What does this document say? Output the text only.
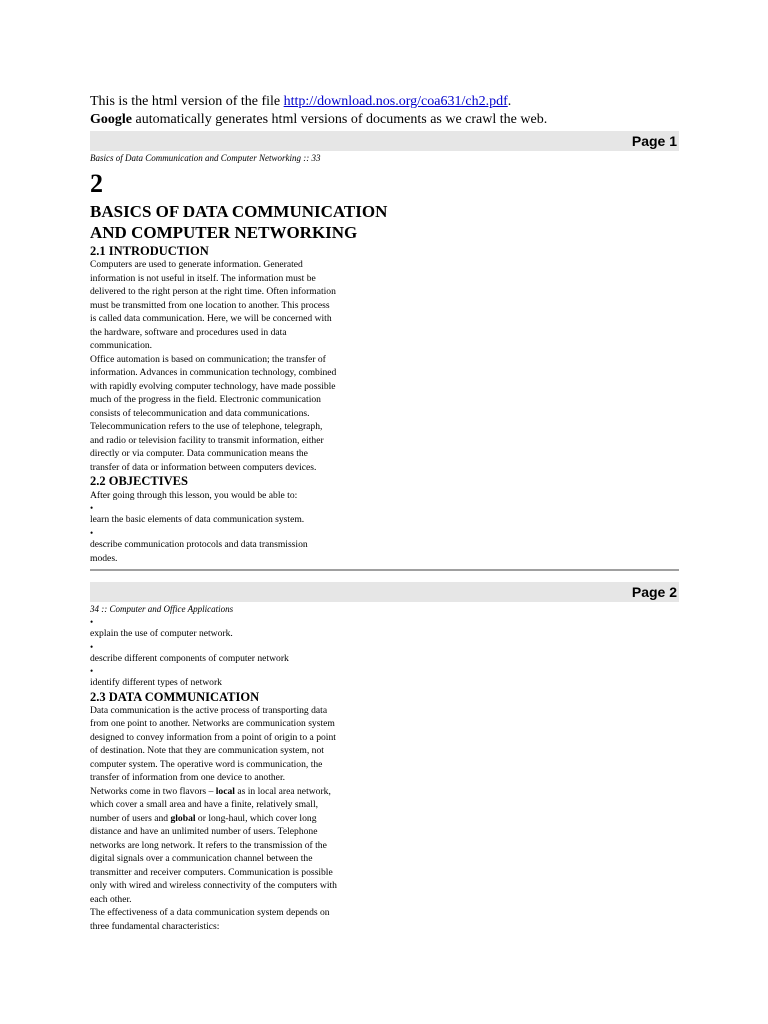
This is the html version of the file http://download.nos.org/coa631/ch2.pdf.
Google automatically generates html versions of documents as we crawl the web.
Page 1
Basics of Data Communication and Computer Networking :: 33
2
BASICS OF DATA COMMUNICATION
AND COMPUTER NETWORKING
2.1 INTRODUCTION
Computers are used to generate information. Generated
information is not useful in itself. The information must be
delivered to the right person at the right time. Often information
must be transmitted from one location to another. This process
is called data communication. Here, we will be concerned with
the hardware, software and procedures used in data
communication.
Office automation is based on communication; the transfer of
information. Advances in communication technology, combined
with rapidly evolving computer technology, have made possible
much of the progress in the field. Electronic communication
consists of telecommunication and data communications.
Telecommunication refers to the use of telephone, telegraph,
and radio or television facility to transmit information, either
directly or via computer. Data communication means the
transfer of data or information between computers devices.
2.2 OBJECTIVES
After going through this lesson, you would be able to:
•
learn the basic elements of data communication system.
•
describe communication protocols and data transmission
modes.
Page 2
34 :: Computer and Office Applications
•
explain the use of computer network.
•
describe different components of computer network
•
identify different types of network
2.3 DATA COMMUNICATION
Data communication is the active process of transporting data
from one point to another. Networks are communication system
designed to convey information from a point of origin to a point
of destination. Note that they are communication system, not
computer system. The operative word is communication, the
transfer of information from one device to another.
Networks come in two flavors – local as in local area network,
which cover a small area and have a finite, relatively small,
number of users and global or long-haul, which cover long
distance and have an unlimited number of users. Telephone
networks are long network. It refers to the transmission of the
digital signals over a communication channel between the
transmitter and receiver computers. Communication is possible
only with wired and wireless connectivity of the computers with
each other.
The effectiveness of a data communication system depends on
three fundamental characteristics:
